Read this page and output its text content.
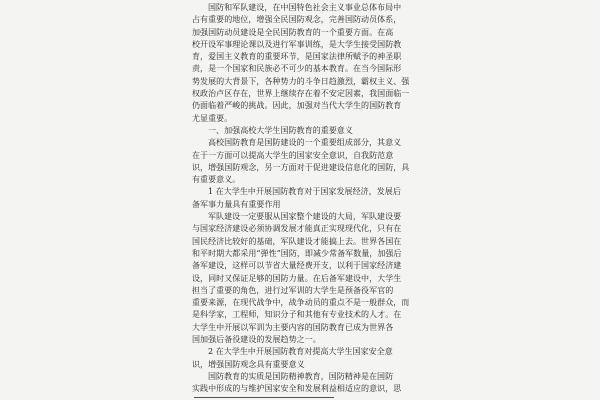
国防和军队建设，在中国特色社会主义事业总体布局中
占有重要的地位，增强全民国防观念，完善国防动员体系，
加强国防动员建设是全民国防教育的一个重要方面。在高
校开设军事理论课以及进行军事训练，是大学生接受国防教
育，爱国主义教育的重要环节，是国家法律所赋予的神圣职
责，是一个国家和民族必不可少的基本教育。在当今国际形
势发展的大背景下，各种势力的斗争日趋激烈，霸权主义、强
权政治卢区存在，世界上继续存在着不安定因素，我国面临一
仍面临着严峻的挑战。因此，加强对当代大学生的国防教育
尤显重要。
一、加强高校大学生国防教育的重要意义
高校国防教育是国防建设的一个重要组成部分，其意义
在于一方面可以提高大学生的国家安全意识，自我防范意
识，增强国防观念，另一方面对于促进建设信息化的国防，具
有重要意义。
1 在大学生中开展国防教育对于国家发展经济，发展后
备军事力量具有重要作用
军队建设一定要服从国家整个建设的大局，军队建设要
与国家经济建设必须协调发展才能真正实现现代化，只有在
国民经济比较好的基础，军队建设才能搞上去。世界各国在
和平时期大都采用“弹性”国防，即减少常备军数量，加强后
备军建设，这样可以节省大量经费开支，以利于国家经济建
设，同时又保证足够的国防力量。在后备军建设中，大学生
担当了重要的角色，进行过军训的大学生是预备役军官的
重要来源，在现代战争中，战争动员的重点不是一般群众，而
是科学家，工程师，知识分子和其他有专业技术的人才。在
大学生中开展以军训为主要内容的国防教育已成为世界各
国加强后备役建设的发展趋势之一。
2 在大学生中开展国防教育对提高大学生国家安全意
识，增强国防观念具有重要意义
国防教育的实质是国防精神教育，国防精神是在国防
实践中形成的与维护国家安全和发展利益相适应的意识，思
